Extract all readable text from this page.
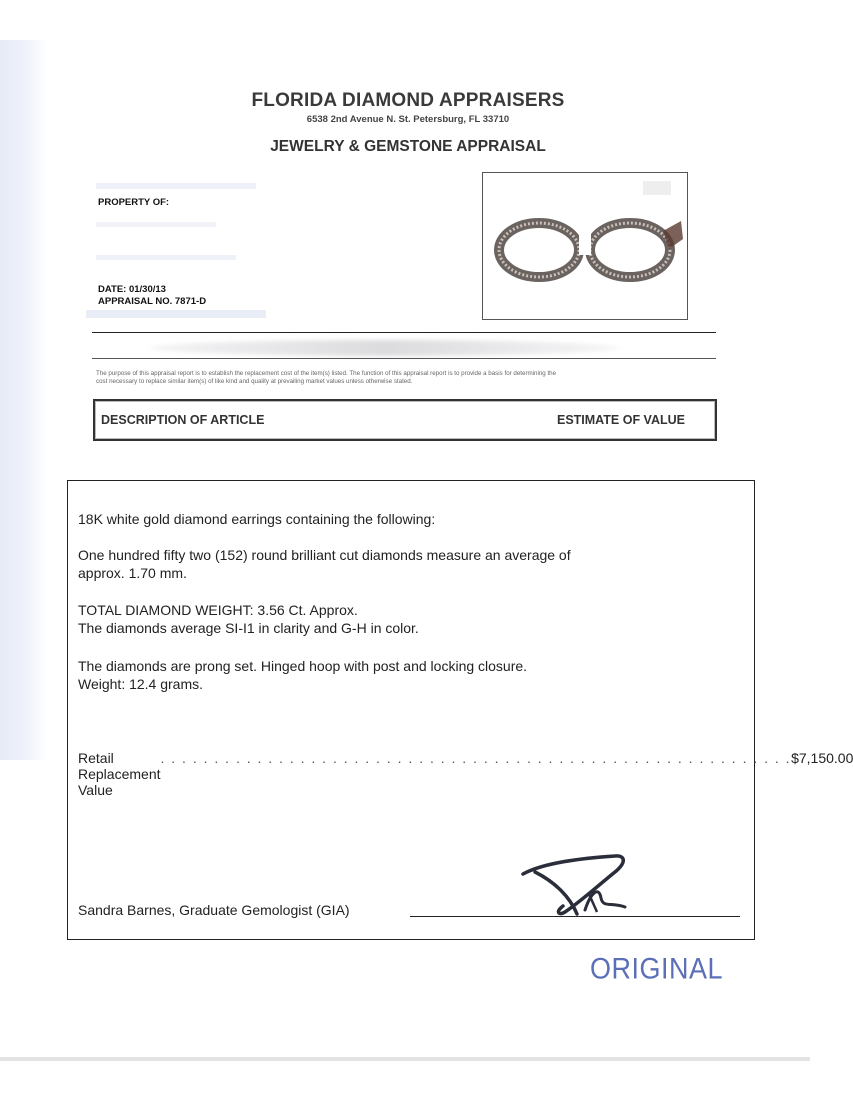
FLORIDA DIAMOND APPRAISERS
6538 2nd Avenue N. St. Petersburg, FL 33710
JEWELRY & GEMSTONE APPRAISAL
PROPERTY OF:
DATE: 01/30/13
APPRAISAL NO. 7871-D
The purpose of this appraisal report is to establish the replacement cost of the item(s) listed. The function of this appraisal report is to provide a basis for determining the
cost necessary to replace similar item(s) of like kind and quality at prevailing market values unless otherwise stated.
DESCRIPTION OF ARTICLE	ESTIMATE OF VALUE
18K white gold diamond earrings containing the following:
One hundred fifty two (152) round brilliant cut diamonds measure an average of
approx. 1.70 mm.
TOTAL DIAMOND WEIGHT: 3.56 Ct. Approx.
The diamonds average SI-I1 in clarity and G-H in color.
The diamonds are prong set. Hinged hoop with post and locking closure.
Weight: 12.4 grams.
Retail Replacement Value
. . . . . . . . . . . . . . . . . . . . . . . . . . . . . . . . . . . . . . . . . . . . . . . . . . . . . . . . . . . $7,150.00
Sandra Barnes, Graduate Gemologist (GIA)
ORIGINAL
